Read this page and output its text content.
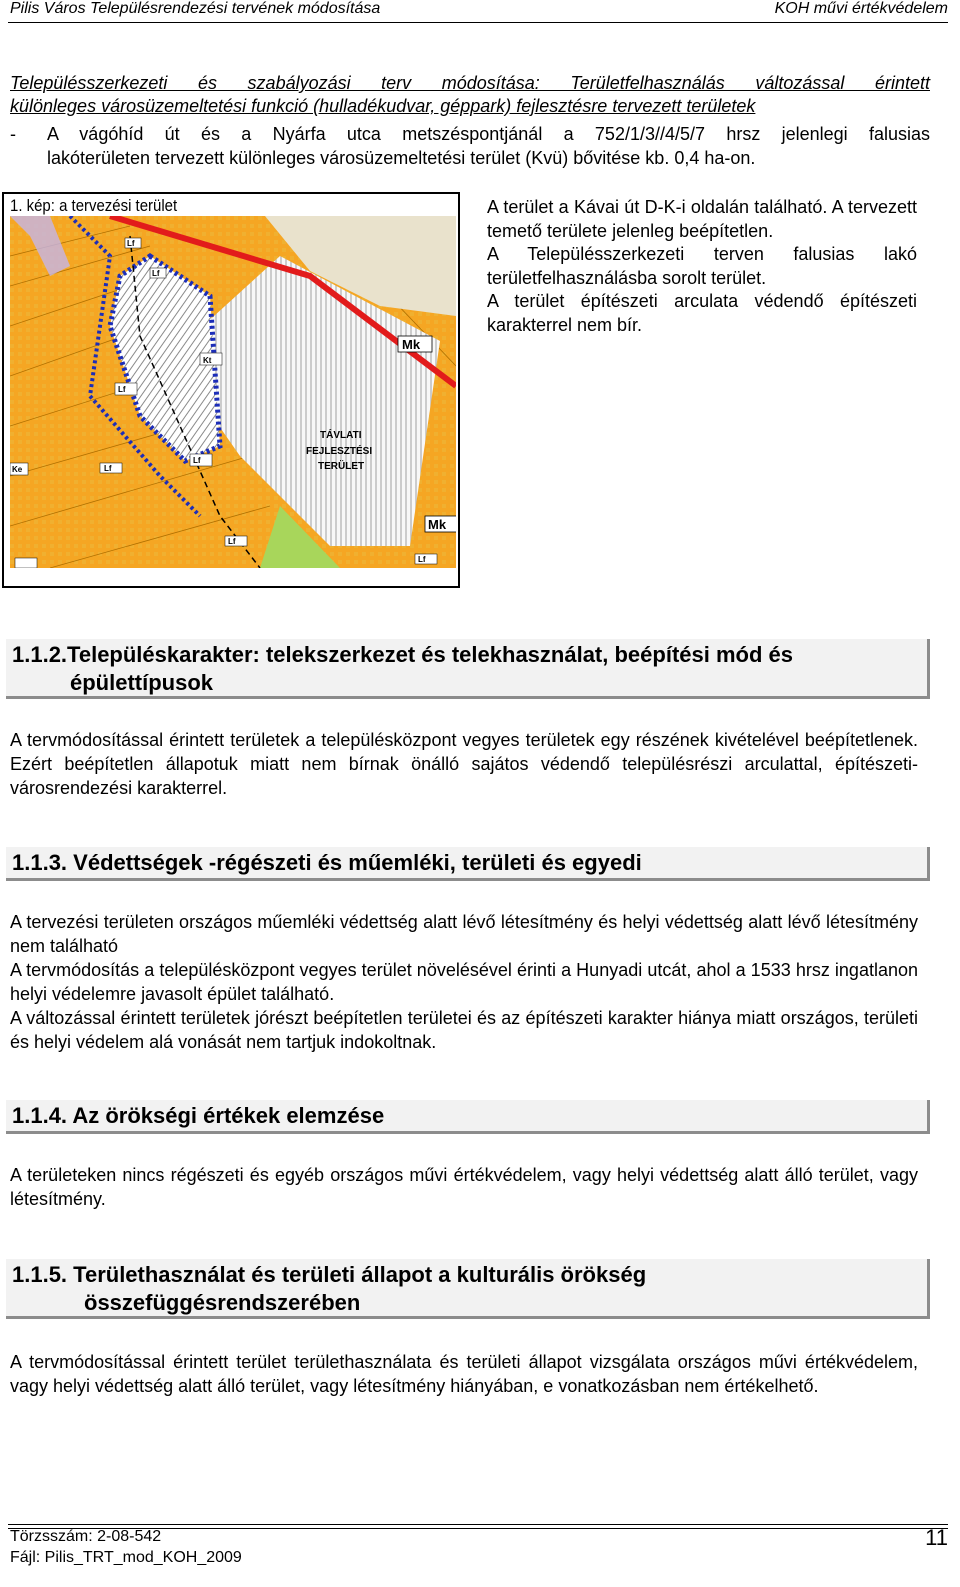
Pilis Város Településrendezési tervének módosítása	KOH művi értékvédelem
Településszerkezeti és szabályozási terv módosítása: Területfelhasználás változással érintett
különleges városüzemeltetési funkció (hulladékudvar, géppark) fejlesztésre tervezett területek
- A vágóhíd út és a Nyárfa utca metszéspontjánál a 752/1/3//4/5/7 hrsz jelenlegi falusias
lakóterületen tervezett különleges városüzemeltetési terület (Kvü) bővitése kb. 0,4 ha-on.
1. kép: a tervezési terület
Lf
Lf
Kt
Lf
Ke	Lf
Lf
Lf
Lf
Mk
Mk
TÁVLATI
FEJLESZTÉSI
TERÜLET

A terület a Kávai út D-K-i oldalán található. A tervezett temető területe jelenleg beépítetlen.

A Településszerkezeti terven falusias lakó területfelhasználásba sorolt terület.

A terület építészeti arculata védendő építészeti karakterrel nem bír.

1.1.2.Településkarakter: telekszerkezet és telekhasználat, beépítési mód és
épülettípusok

A tervmódosítással érintett területek a településközpont vegyes területek egy részének kivételével beépítetlenek. Ezért beépítetlen állapotuk miatt nem bírnak önálló sajátos védendő településrészi arculattal, építészeti-városrendezési karakterrel.

1.1.3. Védettségek -régészeti és műemléki, területi és egyedi

A tervezési területen országos műemléki védettség alatt lévő létesítmény és helyi védettség alatt lévő létesítmény nem található

A tervmódosítás a településközpont vegyes terület növelésével érinti a Hunyadi utcát, ahol a 1533 hrsz ingatlanon helyi védelemre javasolt épület található.

A változással érintett területek jórészt beépítetlen területei és az építészeti karakter hiánya miatt országos, területi és helyi védelem alá vonását nem tartjuk indokoltnak.

1.1.4. Az örökségi értékek elemzése

A területeken nincs régészeti és egyéb országos művi értékvédelem, vagy helyi védettség alatt álló terület, vagy létesítmény.

1.1.5. Területhasználat és területi állapot a kulturális örökség
összefüggésrendszerében

A tervmódosítással érintett terület területhasználata és területi állapot vizsgálata országos művi értékvédelem, vagy helyi védettség alatt álló terület, vagy létesítmény hiányában, e vonatkozásban nem értékelhető.

Törzsszám: 2-08-542
Fájl: Pilis_TRT_mod_KOH_2009
11
